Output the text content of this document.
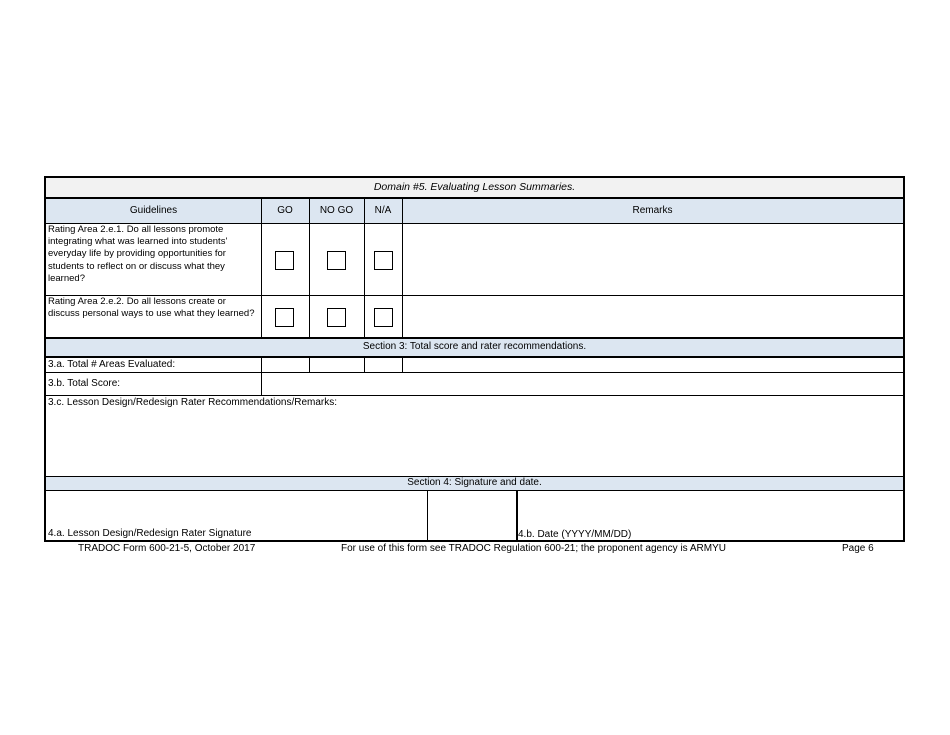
Domain #5. Evaluating Lesson Summaries.
Guidelines	GO	NO GO	N/A	Remarks
Rating Area 2.e.1. Do all lessons promote integrating what was learned into students' everyday life by providing opportunities for students to reflect on or discuss what they learned?
Rating Area 2.e.2. Do all lessons create or discuss personal ways to use what they learned?
Section 3: Total score and rater recommendations.
3.a. Total # Areas Evaluated:
3.b. Total Score:
3.c. Lesson Design/Redesign Rater Recommendations/Remarks:
Section 4: Signature and date.
4.a. Lesson Design/Redesign Rater Signature	4.b. Date (YYYY/MM/DD)
TRADOC Form 600-21-5, October 2017	For use of this form see TRADOC Regulation 600-21; the proponent agency is ARMYU	Page 6
